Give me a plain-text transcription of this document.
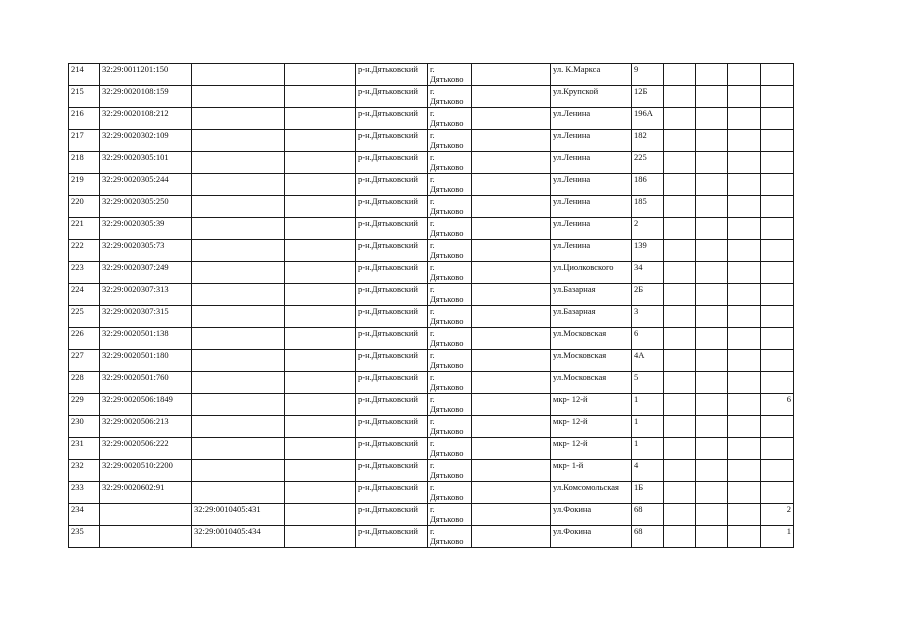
214	32:29:0011201:150			р-н.Дятьковский	г.
Дятьково		ул. К.Маркса	9				
215	32:29:0020108:159			р-н.Дятьковский	г.
Дятьково		ул.Крупской	12Б				
216	32:29:0020108:212			р-н.Дятьковский	г.
Дятьково		ул.Ленина	196А				
217	32:29:0020302:109			р-н.Дятьковский	г.
Дятьково		ул.Ленина	182				
218	32:29:0020305:101			р-н.Дятьковский	г.
Дятьково		ул.Ленина	225				
219	32:29:0020305:244			р-н.Дятьковский	г.
Дятьково		ул.Ленина	186				
220	32:29:0020305:250			р-н.Дятьковский	г.
Дятьково		ул.Ленина	185				
221	32:29:0020305:39			р-н.Дятьковский	г.
Дятьково		ул.Ленина	2				
222	32:29:0020305:73			р-н.Дятьковский	г.
Дятьково		ул.Ленина	139				
223	32:29:0020307:249			р-н.Дятьковский	г.
Дятьково		ул.Циолковского	34				
224	32:29:0020307:313			р-н.Дятьковский	г.
Дятьково		ул.Базарная	2Б				
225	32:29:0020307:315			р-н.Дятьковский	г.
Дятьково		ул.Базарная	3				
226	32:29:0020501:138			р-н.Дятьковский	г.
Дятьково		ул.Московская	6				
227	32:29:0020501:180			р-н.Дятьковский	г.
Дятьково		ул.Московская	4А				
228	32:29:0020501:760			р-н.Дятьковский	г.
Дятьково		ул.Московская	5				
229	32:29:0020506:1849			р-н.Дятьковский	г.
Дятьково		мкр- 12-й	1				6
230	32:29:0020506:213			р-н.Дятьковский	г.
Дятьково		мкр- 12-й	1				
231	32:29:0020506:222			р-н.Дятьковский	г.
Дятьково		мкр- 12-й	1				
232	32:29:0020510:2200			р-н.Дятьковский	г.
Дятьково		мкр- 1-й	4				
233	32:29:0020602:91			р-н.Дятьковский	г.
Дятьково		ул.Комсомольская	1Б				
234		32:29:0010405:431		р-н.Дятьковский	г.
Дятьково		ул.Фокина	68				2
235		32:29:0010405:434		р-н.Дятьковский	г.
Дятьково		ул.Фокина	68				1
